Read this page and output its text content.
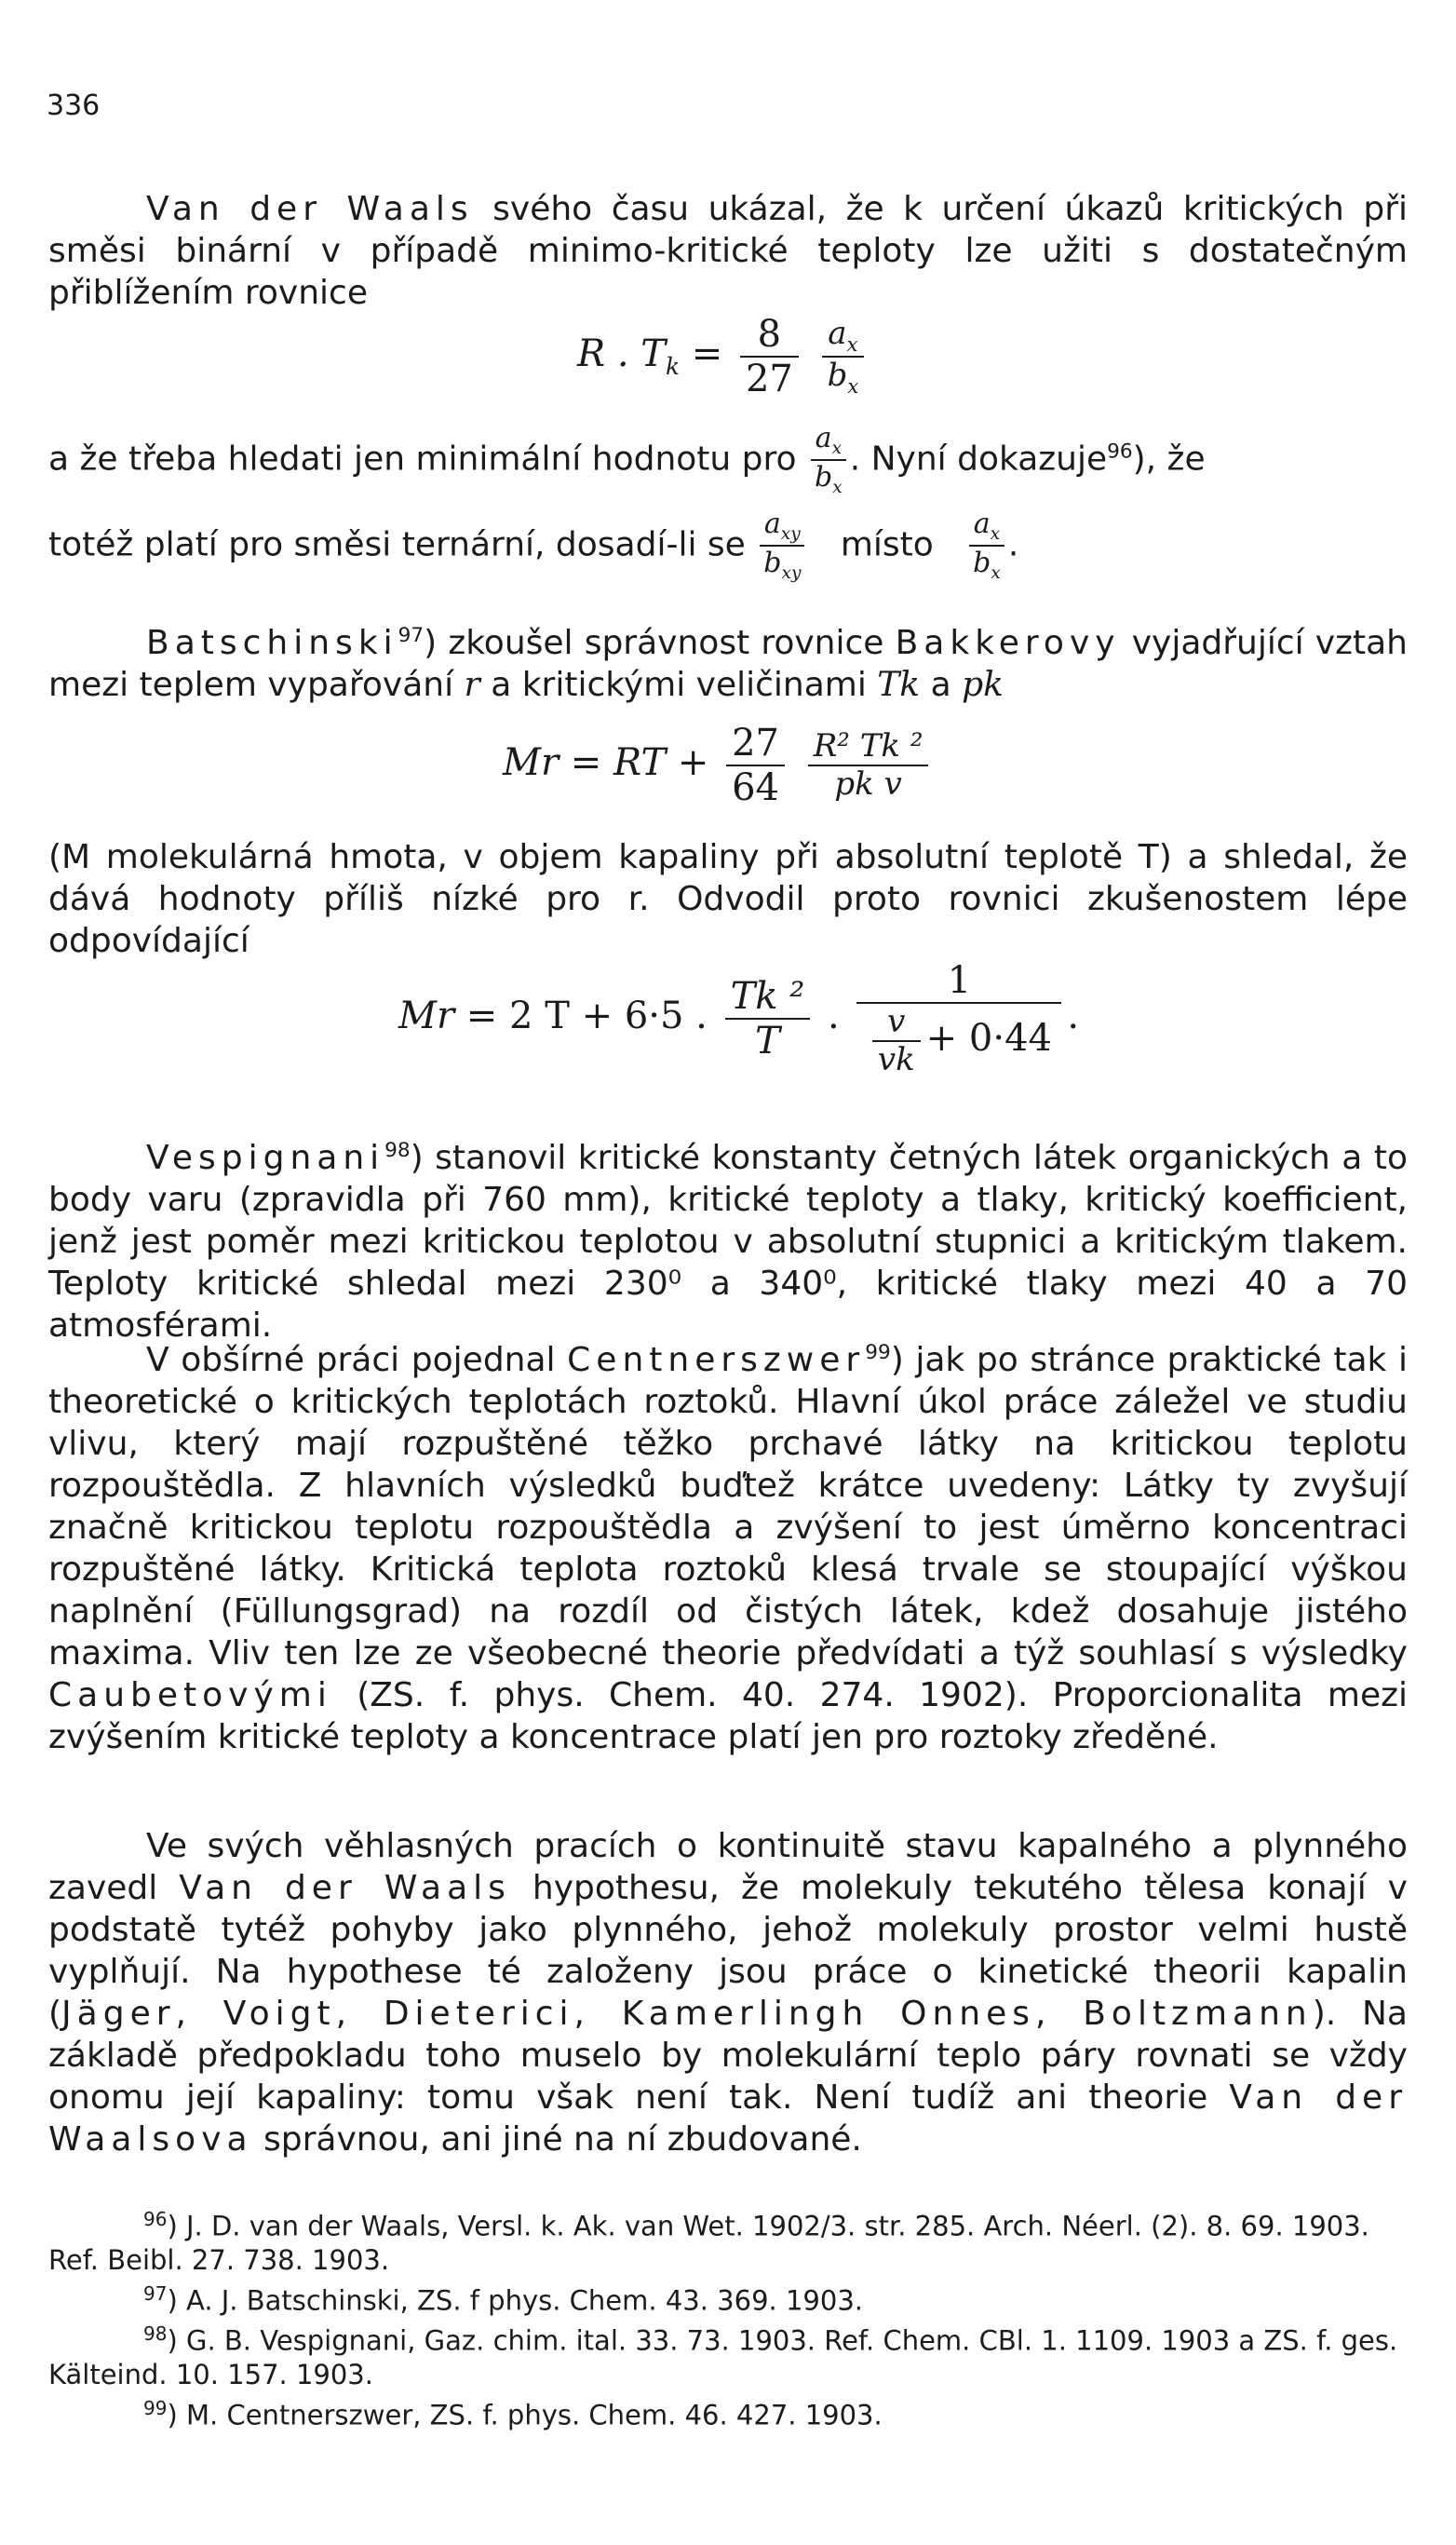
336

Van der Waals svého času ukázal, že k určení úkazů kritických při směsi binární v případě minimo-kritické teploty lze užiti s dostatečným přiblížením rovnice

R . $T_k = \frac{8}{27}$
$\frac{a_x}{b_x}$
a že třeba hledati jen minimální hodnotu pro $\frac{a_x}{b_x}$ . Nyní dokazuje$^{96}$), že
totéž platí pro směsi ternární, dosadí-li se $\frac{a_{xy}}{b_{xy}}$ místo $\frac{a_x}{b_x}$ .

Batschinski$^{97}$) zkoušel správnost rovnice Bakkerovy vyjadřující vztah mezi teplem vypařování r a kritickými veličinami Tk a pk

Mr = RT + $\frac{27}{64}$
$\frac{\text{R² Tk ²}}{\text{pk v}}$

(M molekulárná hmota, v objem kapaliny při absolutní teplotě T) a shledal, že dává hodnoty příliš nízké pro r. Odvodil proto rovnici zkušenostem lépe odpovídající

Mr = 2 T + 6·5 . $\frac{\text{Tk ²}}{T}$ . $\frac{1}{\frac{v}{vk} + 0\cdot 44}$ .

Vespignani$^{98}$) stanovil kritické konstanty četných látek organických a to body varu (zpravidla při 760 mm), kritické teploty a tlaky, kritický koefficient, jenž jest poměr mezi kritickou teplotou v absolutní stupnici a kritickým tlakem. Teploty kritické shledal mezi 230⁰ a 340⁰, kritické tlaky mezi 40 a 70 atmosférami.

V obšírné práci pojednal Centnerszwer$^{99}$) jak po stránce praktické tak i theoretické o kritických teplotách roztoků. Hlavní úkol práce záležel ve studiu vlivu, který mají rozpuštěné těžko prchavé látky na kritickou teplotu rozpouštědla. Z hlavních výsledků buďtež krátce uvedeny: Látky ty zvyšují značně kritickou teplotu rozpouštědla a zvýšení to jest úměrno koncentraci rozpuštěné látky. Kritická teplota roztoků klesá trvale se stoupající výškou naplnění (Füllungsgrad) na rozdíl od čistých látek, kdež dosahuje jistého maxima. Vliv ten lze ze všeobecné theorie předvídati a týž souhlasí s výsledky Caubetovými (ZS. f. phys. Chem. 40. 274. 1902). Proporcionalita mezi zvýšením kritické teploty a koncentrace platí jen pro roztoky zředěné.

Ve svých věhlasných pracích o kontinuitě stavu kapalného a plynného zavedl Van der Waals hypothesu, že molekuly tekutého tělesa konají v podstatě tytéž pohyby jako plynného, jehož molekuly prostor velmi hustě vyplňují. Na hypothese té založeny jsou práce o kinetické theorii kapalin (Jäger, Voigt, Dieterici, Kamerlingh Onnes, Boltzmann). Na základě předpokladu toho muselo by molekulární teplo páry rovnati se vždy onomu její kapaliny: tomu však není tak. Není tudíž ani theorie Van der Waalsova správnou, ani jiné na ní zbudované.

$^{96}$) J. D. van der Waals, Versl. k. Ak. van Wet. 1902/3. str. 285. Arch. Néerl. (2). 8. 69. 1903. Ref. Beibl. 27. 738. 1903.
$^{97}$) A. J. Batschinski, ZS. f phys. Chem. 43. 369. 1903.
$^{98}$) G. B. Vespignani, Gaz. chim. ital. 33. 73. 1903. Ref. Chem. CBl. 1. 1109. 1903 a ZS. f. ges. Kälteind. 10. 157. 1903.
$^{99}$) M. Centnerszwer, ZS. f. phys. Chem. 46. 427. 1903.
